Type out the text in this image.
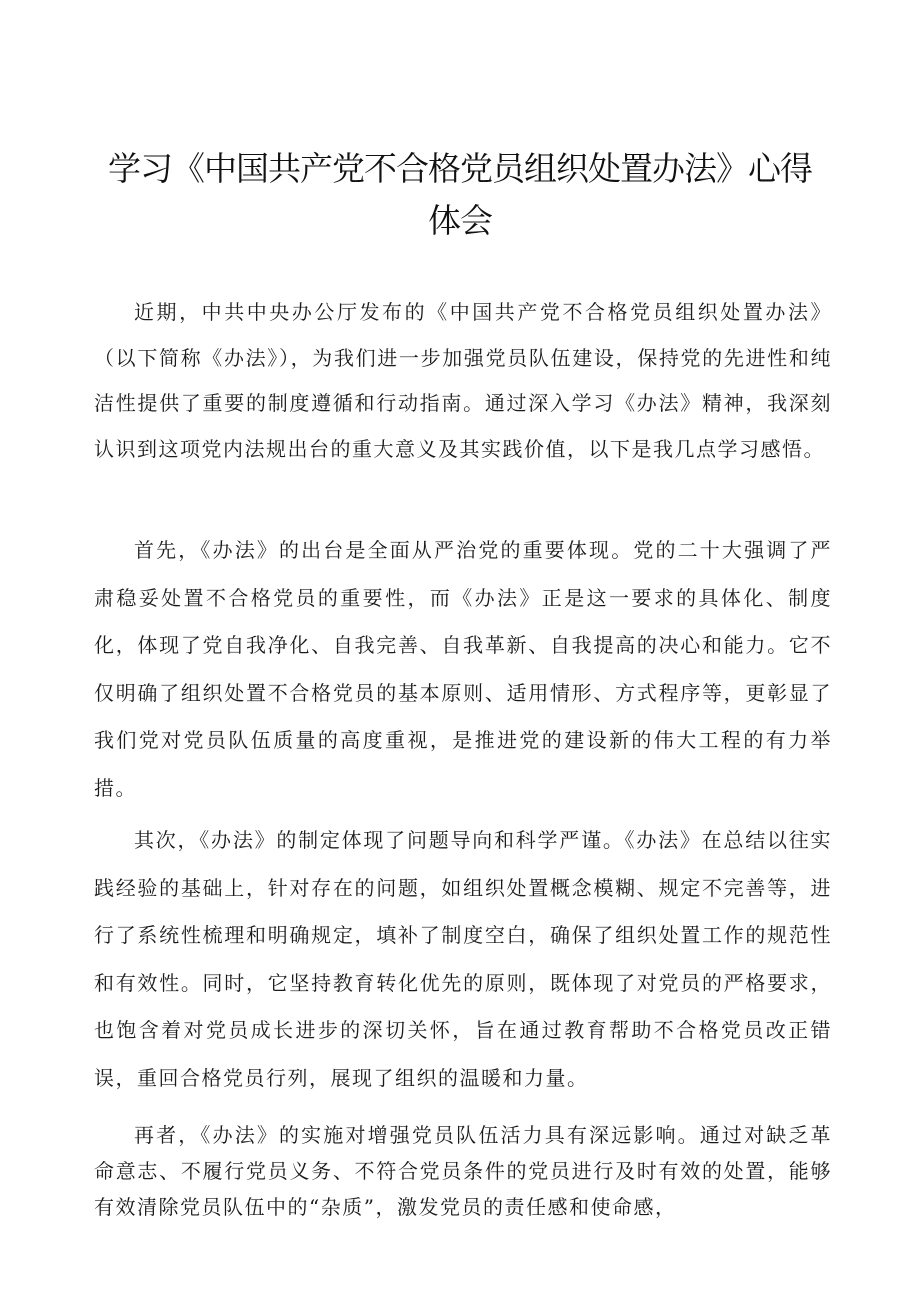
学习《中国共产党不合格党员组织处置办法》心得体会

近期，中共中央办公厅发布的《中国共产党不合格党员组织处置办法》（以下简称《办法》），为我们进一步加强党员队伍建设，保持党的先进性和纯洁性提供了重要的制度遵循和行动指南。通过深入学习《办法》精神，我深刻认识到这项党内法规出台的重大意义及其实践价值，以下是我几点学习感悟。

首先，《办法》的出台是全面从严治党的重要体现。党的二十大强调了严肃稳妥处置不合格党员的重要性，而《办法》正是这一要求的具体化、制度化，体现了党自我净化、自我完善、自我革新、自我提高的决心和能力。它不仅明确了组织处置不合格党员的基本原则、适用情形、方式程序等，更彰显了我们党对党员队伍质量的高度重视，是推进党的建设新的伟大工程的有力举措。

其次，《办法》的制定体现了问题导向和科学严谨。《办法》在总结以往实践经验的基础上，针对存在的问题，如组织处置概念模糊、规定不完善等，进行了系统性梳理和明确规定，填补了制度空白，确保了组织处置工作的规范性和有效性。同时，它坚持教育转化优先的原则，既体现了对党员的严格要求，也饱含着对党员成长进步的深切关怀，旨在通过教育帮助不合格党员改正错误，重回合格党员行列，展现了组织的温暖和力量。

再者，《办法》的实施对增强党员队伍活力具有深远影响。通过对缺乏革命意志、不履行党员义务、不符合党员条件的党员进行及时有效的处置，能够有效清除党员队伍中的“杂质”，激发党员的责任感和使命感，
